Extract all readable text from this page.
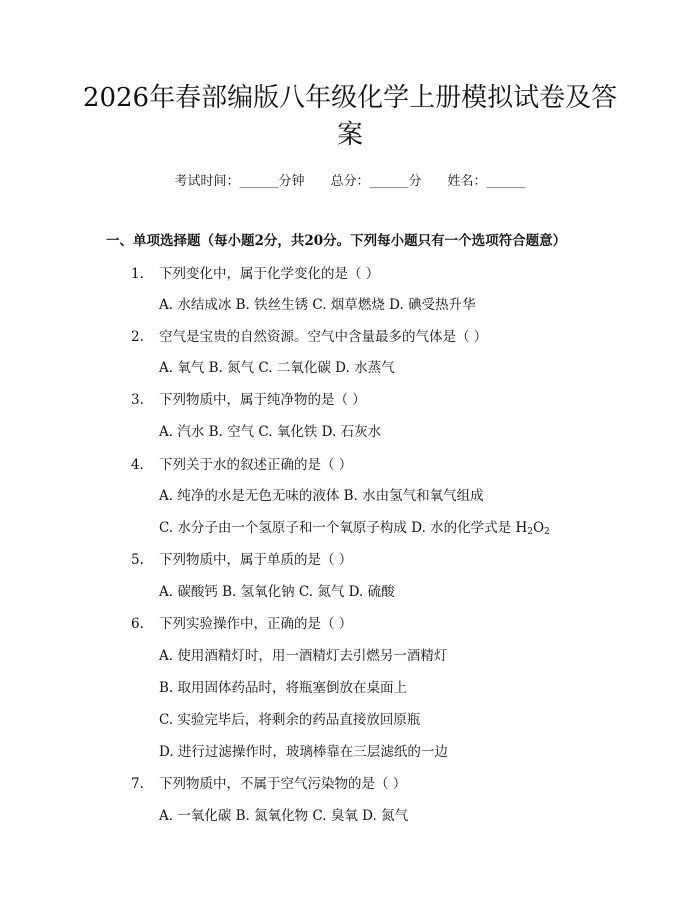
2026年春部编版八年级化学上册模拟试卷及答案
考试时间：______分钟 总分：______分 姓名：______
一、单项选择题（每小题2分，共20分。下列每小题只有一个选项符合题意）
1. 下列变化中，属于化学变化的是（ ）
A. 水结成冰 B. 铁丝生锈 C. 烟草燃烧 D. 碘受热升华
2. 空气是宝贵的自然资源。空气中含量最多的气体是（ ）
A. 氧气 B. 氮气 C. 二氧化碳 D. 水蒸气
3. 下列物质中，属于纯净物的是（ ）
A. 汽水 B. 空气 C. 氧化铁 D. 石灰水
4. 下列关于水的叙述正确的是（ ）
A. 纯净的水是无色无味的液体 B. 水由氢气和氧气组成
C. 水分子由一个氢原子和一个氧原子构成 D. 水的化学式是 $H_2O_2$
5. 下列物质中，属于单质的是（ ）
A. 碳酸钙 B. 氢氧化钠 C. 氮气 D. 硫酸
6. 下列实验操作中，正确的是（ ）
A. 使用酒精灯时，用一酒精灯去引燃另一酒精灯
B. 取用固体药品时，将瓶塞倒放在桌面上
C. 实验完毕后，将剩余的药品直接放回原瓶
D. 进行过滤操作时，玻璃棒靠在三层滤纸的一边
7. 下列物质中，不属于空气污染物的是（ ）
A. 一氧化碳 B. 氮氧化物 C. 臭氧 D. 氮气
